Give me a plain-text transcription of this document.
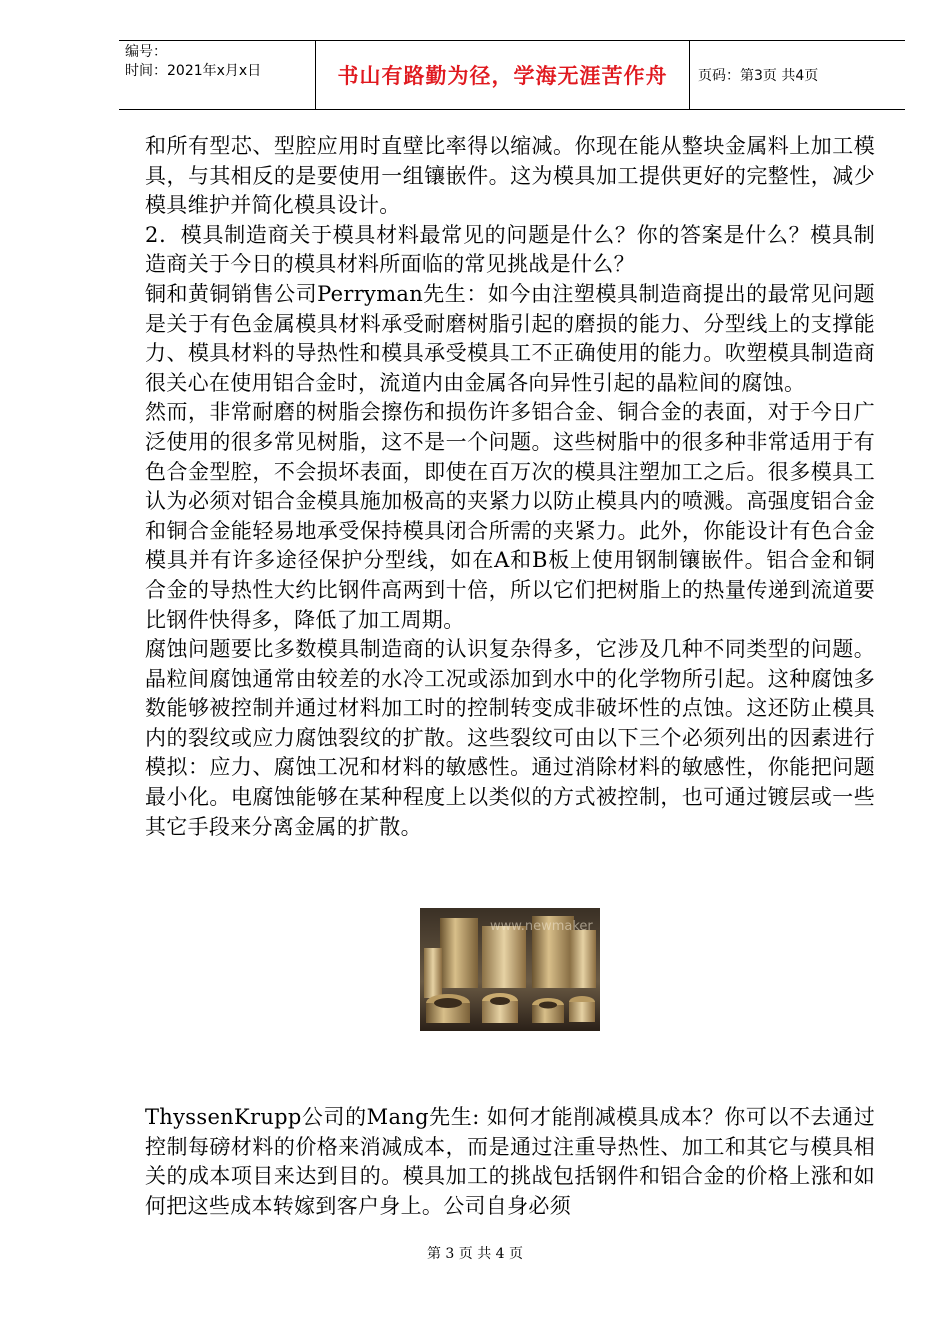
编号：
时间：2021年x月x日	书山有路勤为径，学海无涯苦作舟 页码：第3页 共4页

和所有型芯、型腔应用时直壁比率得以缩减。你现在能从整块金属料上加工模具，与其相反的是要使用一组镶嵌件。这为模具加工提供更好的完整性，减少模具维护并简化模具设计。

2．模具制造商关于模具材料最常见的问题是什么？你的答案是什么？模具制造商关于今日的模具材料所面临的常见挑战是什么？

铜和黄铜销售公司Perryman先生：如今由注塑模具制造商提出的最常见问题是关于有色金属模具材料承受耐磨树脂引起的磨损的能力、分型线上的支撑能力、模具材料的导热性和模具承受模具工不正确使用的能力。吹塑模具制造商很关心在使用铝合金时，流道内由金属各向异性引起的晶粒间的腐蚀。

然而，非常耐磨的树脂会擦伤和损伤许多铝合金、铜合金的表面，对于今日广泛使用的很多常见树脂，这不是一个问题。这些树脂中的很多种非常适用于有色合金型腔，不会损坏表面，即使在百万次的模具注塑加工之后。很多模具工认为必须对铝合金模具施加极高的夹紧力以防止模具内的喷溅。高强度铝合金和铜合金能轻易地承受保持模具闭合所需的夹紧力。此外，你能设计有色合金模具并有许多途径保护分型线，如在A和B板上使用钢制镶嵌件。铝合金和铜合金的导热性大约比钢件高两到十倍，所以它们把树脂上的热量传递到流道要比钢件快得多，降低了加工周期。

腐蚀问题要比多数模具制造商的认识复杂得多，它涉及几种不同类型的问题。晶粒间腐蚀通常由较差的水冷工况或添加到水中的化学物所引起。这种腐蚀多数能够被控制并通过材料加工时的控制转变成非破坏性的点蚀。这还防止模具内的裂纹或应力腐蚀裂纹的扩散。这些裂纹可由以下三个必须列出的因素进行模拟：应力、腐蚀工况和材料的敏感性。通过消除材料的敏感性，你能把问题最小化。电腐蚀能够在某种程度上以类似的方式被控制，也可通过镀层或一些其它手段来分离金属的扩散。

www.newmaker

ThyssenKrupp公司的Mang先生: 如何才能削减模具成本？你可以不去通过控制每磅材料的价格来消减成本，而是通过注重导热性、加工和其它与模具相关的成本项目来达到目的。模具加工的挑战包括钢件和铝合金的价格上涨和如何把这些成本转嫁到客户身上。公司自身必须

第 3 页 共 4 页
